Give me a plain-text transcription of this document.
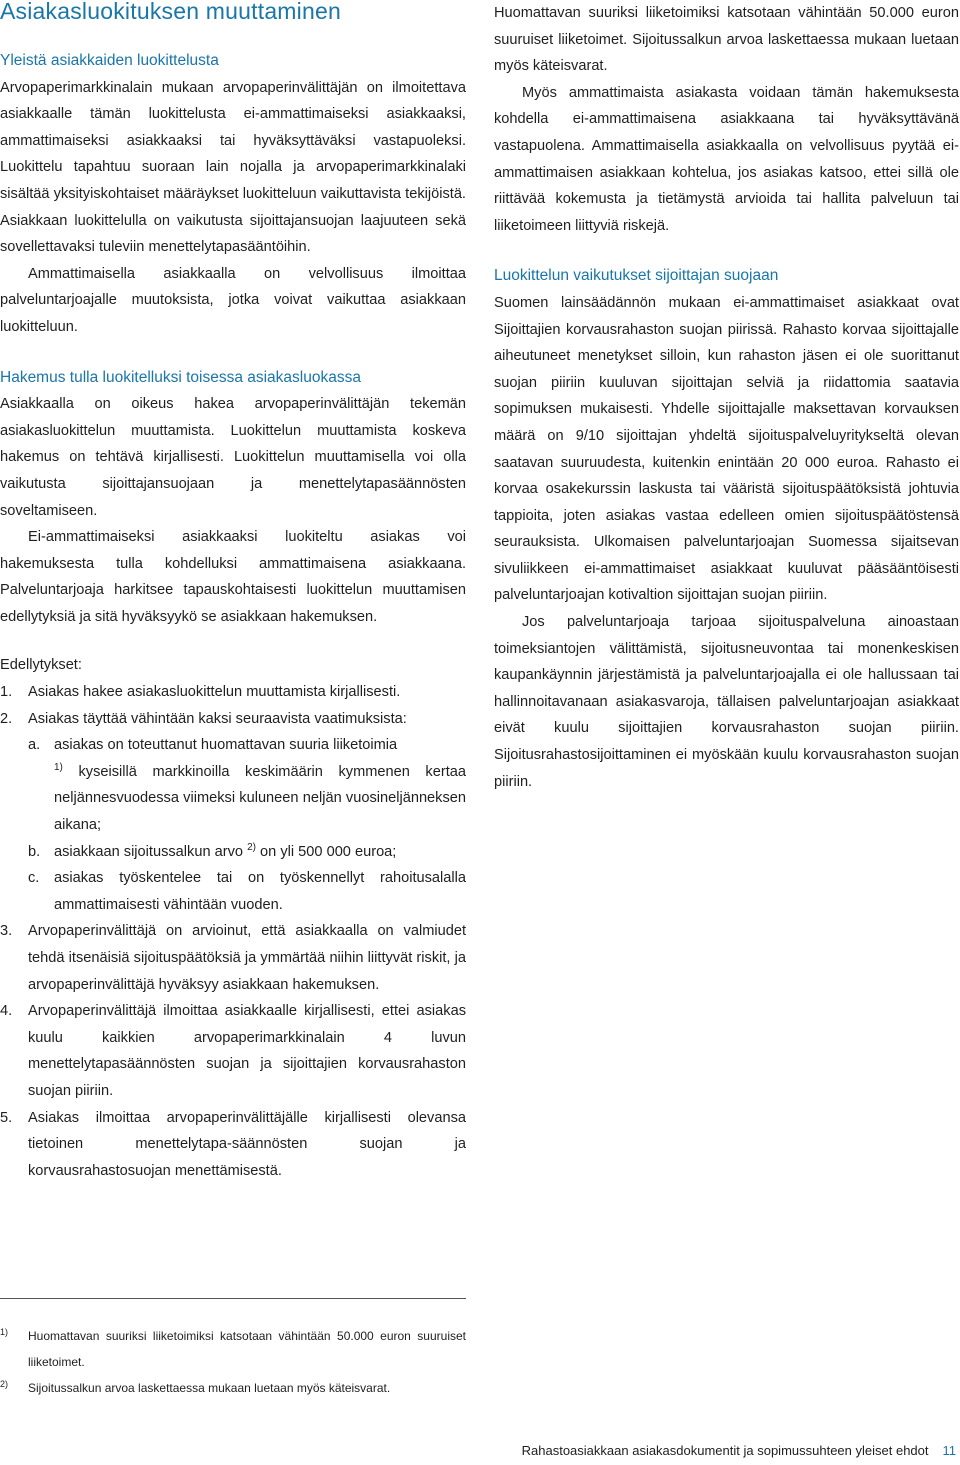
Asiakasluokituksen muuttaminen
Yleistä asiakkaiden luokittelusta

Arvopaperimarkkinalain mukaan arvopaperinvälittäjän on ilmoitettava asiakkaalle tämän luokittelusta ei-ammattimaiseksi asiakkaaksi, ammattimaiseksi asiakkaaksi tai hyväksyttäväksi vastapuoleksi. Luokittelu tapahtuu suoraan lain nojalla ja arvopaperimarkkinalaki sisältää yksityiskohtaiset määräykset luokitteluun vaikuttavista tekijöistä. Asiakkaan luokittelulla on vaikutusta sijoittajansuojan laajuuteen sekä sovellettavaksi tuleviin menettelytapasääntöihin.

Ammattimaisella asiakkaalla on velvollisuus ilmoittaa palveluntarjoajalle muutoksista, jotka voivat vaikuttaa asiakkaan luokitteluun.

Hakemus tulla luokitelluksi toisessa asiakasluokassa

Asiakkaalla on oikeus hakea arvopaperinvälittäjän tekemän asiakasluokittelun muuttamista. Luokittelun muuttamista koskeva hakemus on tehtävä kirjallisesti. Luokittelun muuttamisella voi olla vaikutusta sijoittajansuojaan ja menettelytapasäännösten soveltamiseen.

Ei-ammattimaiseksi asiakkaaksi luokiteltu asiakas voi hakemuksesta tulla kohdelluksi ammattimaisena asiakkaana. Palveluntarjoaja harkitsee tapauskohtaisesti luokittelun muuttamisen edellytyksiä ja sitä hyväksyykö se asiakkaan hakemuksen.

Edellytykset:

1. Asiakas hakee asiakasluokittelun muuttamista kirjallisesti.
2. Asiakas täyttää vähintään kaksi seuraavista vaatimuksista:
a. asiakas on toteuttanut huomattavan suuria liiketoimia
$^{1)}$ kyseisillä markkinoilla keskimäärin kymmenen kertaa neljännesvuodessa viimeksi kuluneen neljän vuosineljänneksen aikana;
b. asiakkaan sijoitussalkun arvo $^{2)}$ on yli 500 000 euroa;
c. asiakas työskentelee tai on työskennellyt rahoitusalalla ammattimaisesti vähintään vuoden.
3. Arvopaperinvälittäjä on arvioinut, että asiakkaalla on valmiudet tehdä itsenäisiä sijoituspäätöksiä ja ymmärtää niihin liittyvät riskit, ja arvopaperinvälittäjä hyväksyy asiakkaan hakemuksen.
4. Arvopaperinvälittäjä ilmoittaa asiakkaalle kirjallisesti, ettei asiakas kuulu kaikkien arvopaperimarkkinalain 4 luvun menettelytapasäännösten suojan ja sijoittajien korvausrahaston suojan piiriin.
5. Asiakas ilmoittaa arvopaperinvälittäjälle kirjallisesti olevansa tietoinen menettelytapa-säännösten suojan ja korvausrahastosuojan menettämisestä.

Huomattavan suuriksi liiketoimiksi katsotaan vähintään 50.000 euron suuruiset liiketoimet. Sijoitussalkun arvoa laskettaessa mukaan luetaan myös käteisvarat.

Myös ammattimaista asiakasta voidaan tämän hakemuksesta kohdella ei-ammattimaisena asiakkaana tai hyväksyttävänä vastapuolena. Ammattimaisella asiakkaalla on velvollisuus pyytää ei-ammattimaisen asiakkaan kohtelua, jos asiakas katsoo, ettei sillä ole riittävää kokemusta ja tietämystä arvioida tai hallita palveluun tai liiketoimeen liittyviä riskejä.

Luokittelun vaikutukset sijoittajan suojaan

Suomen lainsäädännön mukaan ei-ammattimaiset asiakkaat ovat Sijoittajien korvausrahaston suojan piirissä. Rahasto korvaa sijoittajalle aiheutuneet menetykset silloin, kun rahaston jäsen ei ole suorittanut suojan piiriin kuuluvan sijoittajan selviä ja riidattomia saatavia sopimuksen mukaisesti. Yhdelle sijoittajalle maksettavan korvauksen määrä on 9/10 sijoittajan yhdeltä sijoituspalveluyritykseltä olevan saatavan suuruudesta, kuitenkin enintään 20 000 euroa. Rahasto ei korvaa osakekurssin laskusta tai vääristä sijoituspäätöksistä johtuvia tappioita, joten asiakas vastaa edelleen omien sijoituspäätöstensä seurauksista. Ulkomaisen palveluntarjoajan Suomessa sijaitsevan sivuliikkeen ei-ammattimaiset asiakkaat kuuluvat pääsääntöisesti palveluntarjoajan kotivaltion sijoittajan suojan piiriin.

Jos palveluntarjoaja tarjoaa sijoituspalveluna ainoastaan toimeksiantojen välittämistä, sijoitusneuvontaa tai monenkeskisen kaupankäynnin järjestämistä ja palveluntarjoajalla ei ole hallussaan tai hallinnoitavanaan asiakasvaroja, tällaisen palveluntarjoajan asiakkaat eivät kuulu sijoittajien korvausrahaston suojan piiriin. Sijoitusrahastosijoittaminen ei myöskään kuulu korvausrahaston suojan piiriin.

1) Huomattavan suuriksi liiketoimiksi katsotaan vähintään 50.000 euron suuruiset liiketoimet.
2) Sijoitussalkun arvoa laskettaessa mukaan luetaan myös käteisvarat.
Rahastoasiakkaan asiakasdokumentit ja sopimussuhteen yleiset ehdot 11
